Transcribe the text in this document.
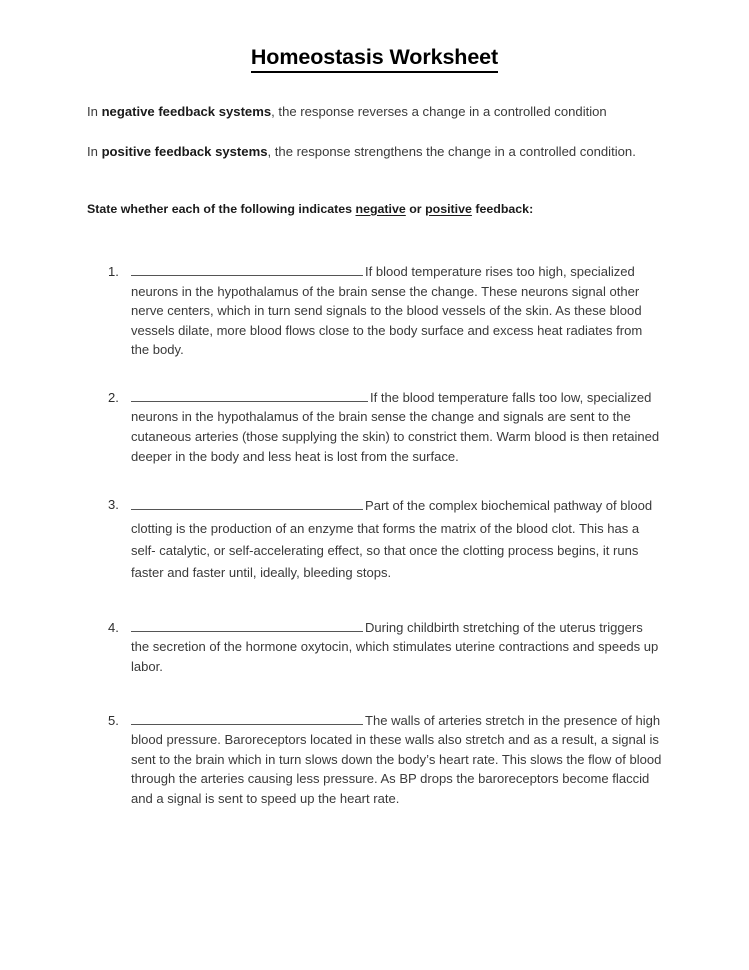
Homeostasis Worksheet

In negative feedback systems, the response reverses a change in a controlled condition

In positive feedback systems, the response strengthens the change in a controlled condition.

State whether each of the following indicates negative or positive feedback:

1.	If blood temperature rises too high, specialized neurons in the hypothalamus of the brain sense the change. These neurons signal other nerve centers, which in turn send signals to the blood vessels of the skin. As these blood vessels dilate, more blood flows close to the body surface and excess heat radiates from the body.
2.	If the blood temperature falls too low, specialized neurons in the hypothalamus of the brain sense the change and signals are sent to the cutaneous arteries (those supplying the skin) to constrict them. Warm blood is then retained deeper in the body and less heat is lost from the surface.
3.	Part of the complex biochemical pathway of blood clotting is the production of an enzyme that forms the matrix of the blood clot. This has a self- catalytic, or self-accelerating effect, so that once the clotting process begins, it runs faster and faster until, ideally, bleeding stops.
4.	During childbirth stretching of the uterus triggers the secretion of the hormone oxytocin, which stimulates uterine contractions and speeds up labor.
5.	The walls of arteries stretch in the presence of high blood pressure. Baroreceptors located in these walls also stretch and as a result, a signal is sent to the brain which in turn slows down the body’s heart rate. This slows the flow of blood through the arteries causing less pressure. As BP drops the baroreceptors become flaccid and a signal is sent to speed up the heart rate.
